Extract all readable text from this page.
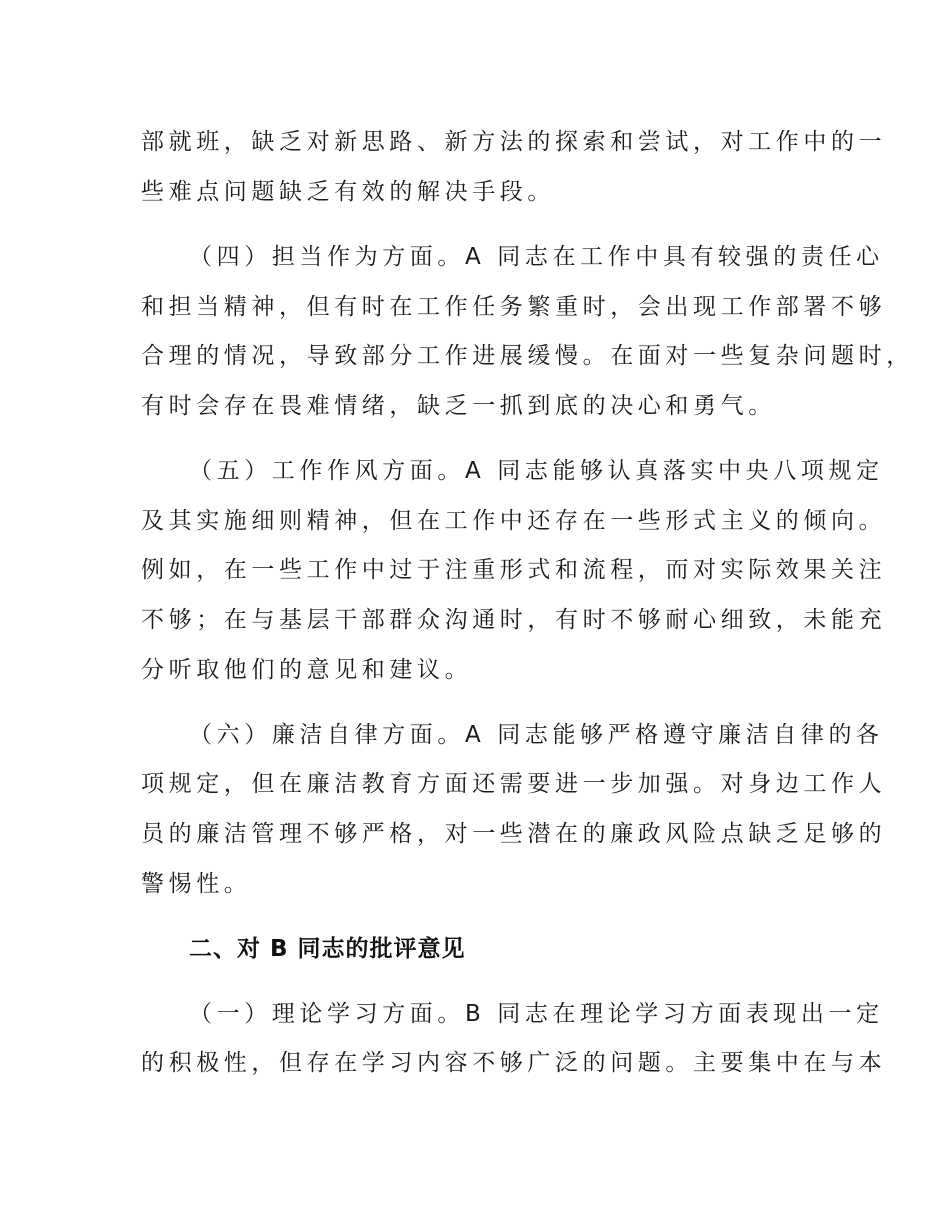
部就班，缺乏对新思路、新方法的探索和尝试，对工作中的一
些难点问题缺乏有效的解决手段。
（四）担当作为方面。A 同志在工作中具有较强的责任心
和担当精神，但有时在工作任务繁重时，会出现工作部署不够
合理的情况，导致部分工作进展缓慢。在面对一些复杂问题时，
有时会存在畏难情绪，缺乏一抓到底的决心和勇气。
（五）工作作风方面。A 同志能够认真落实中央八项规定
及其实施细则精神，但在工作中还存在一些形式主义的倾向。
例如，在一些工作中过于注重形式和流程，而对实际效果关注
不够；在与基层干部群众沟通时，有时不够耐心细致，未能充
分听取他们的意见和建议。
（六）廉洁自律方面。A 同志能够严格遵守廉洁自律的各
项规定，但在廉洁教育方面还需要进一步加强。对身边工作人
员的廉洁管理不够严格，对一些潜在的廉政风险点缺乏足够的
警惕性。
二、对 B 同志的批评意见
（一）理论学习方面。B 同志在理论学习方面表现出一定
的积极性，但存在学习内容不够广泛的问题。主要集中在与本
